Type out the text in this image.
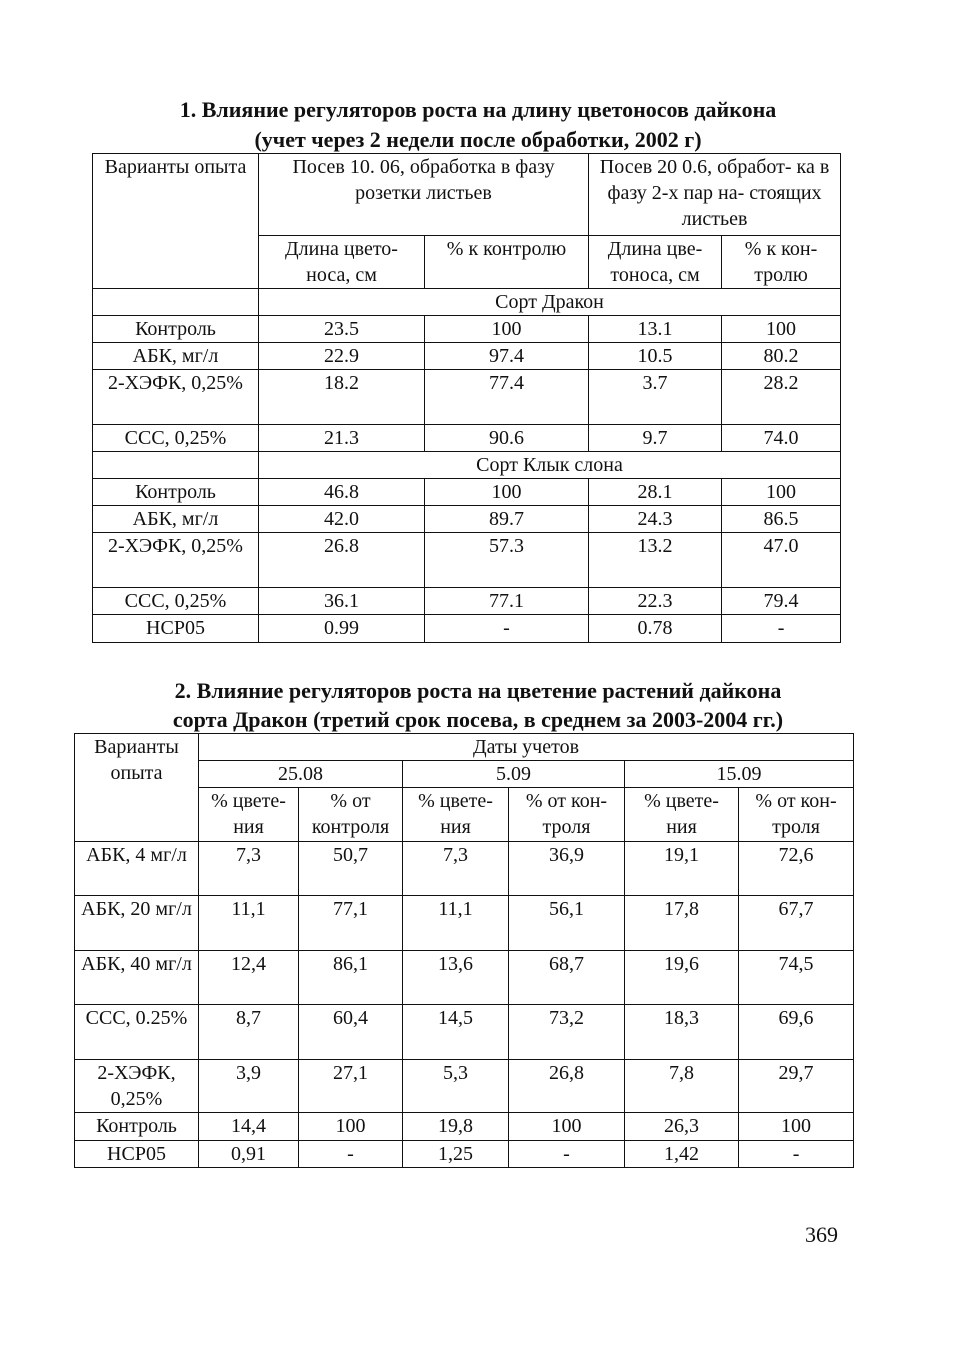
1. Влияние регуляторов роста на длину цветоносов дайкона
(учет через 2 недели после обработки, 2002 г)
Варианты опыта	Посев 10. 06, обработка в фазу розетки листьев		Посев 20 0.6, обработ- ка в фазу 2-х пар на- стоящих листьев	
	Длина цвето- носа, см	% к контролю	Длина цве- тоноса, см	% к кон- тролю
	Сорт Дракон			
Контроль	23.5	100	13.1	100
АБК, мг/л	22.9	97.4	10.5	80.2
2-ХЭФК, 0,25%	18.2	77.4	3.7	28.2
ССС, 0,25%	21.3	90.6	9.7	74.0
	Сорт Клык слона			
Контроль	46.8	100	28.1	100
АБК, мг/л	42.0	89.7	24.3	86.5
2-ХЭФК, 0,25%	26.8	57.3	13.2	47.0
ССС, 0,25%	36.1	77.1	22.3	79.4
НСР05	0.99	-	0.78	-
2. Влияние регуляторов роста на цветение растений дайкона
сорта Дракон (третий срок посева, в среднем за 2003-2004 гг.)
Варианты опыта	Даты учетов					
	25.08		5.09		15.09	
	% цвете- ния	% от контроля	% цвете- ния	% от кон- троля	% цвете- ния	% от кон- троля
АБК, 4 мг/л	7,3	50,7	7,3	36,9	19,1	72,6
АБК, 20 мг/л	11,1	77,1	11,1	56,1	17,8	67,7
АБК, 40 мг/л	12,4	86,1	13,6	68,7	19,6	74,5
ССС, 0.25%	8,7	60,4	14,5	73,2	18,3	69,6
2-ХЭФК, 0,25%	3,9	27,1	5,3	26,8	7,8	29,7
Контроль	14,4	100	19,8	100	26,3	100
НСР05	0,91	-	1,25	-	1,42	-
369
